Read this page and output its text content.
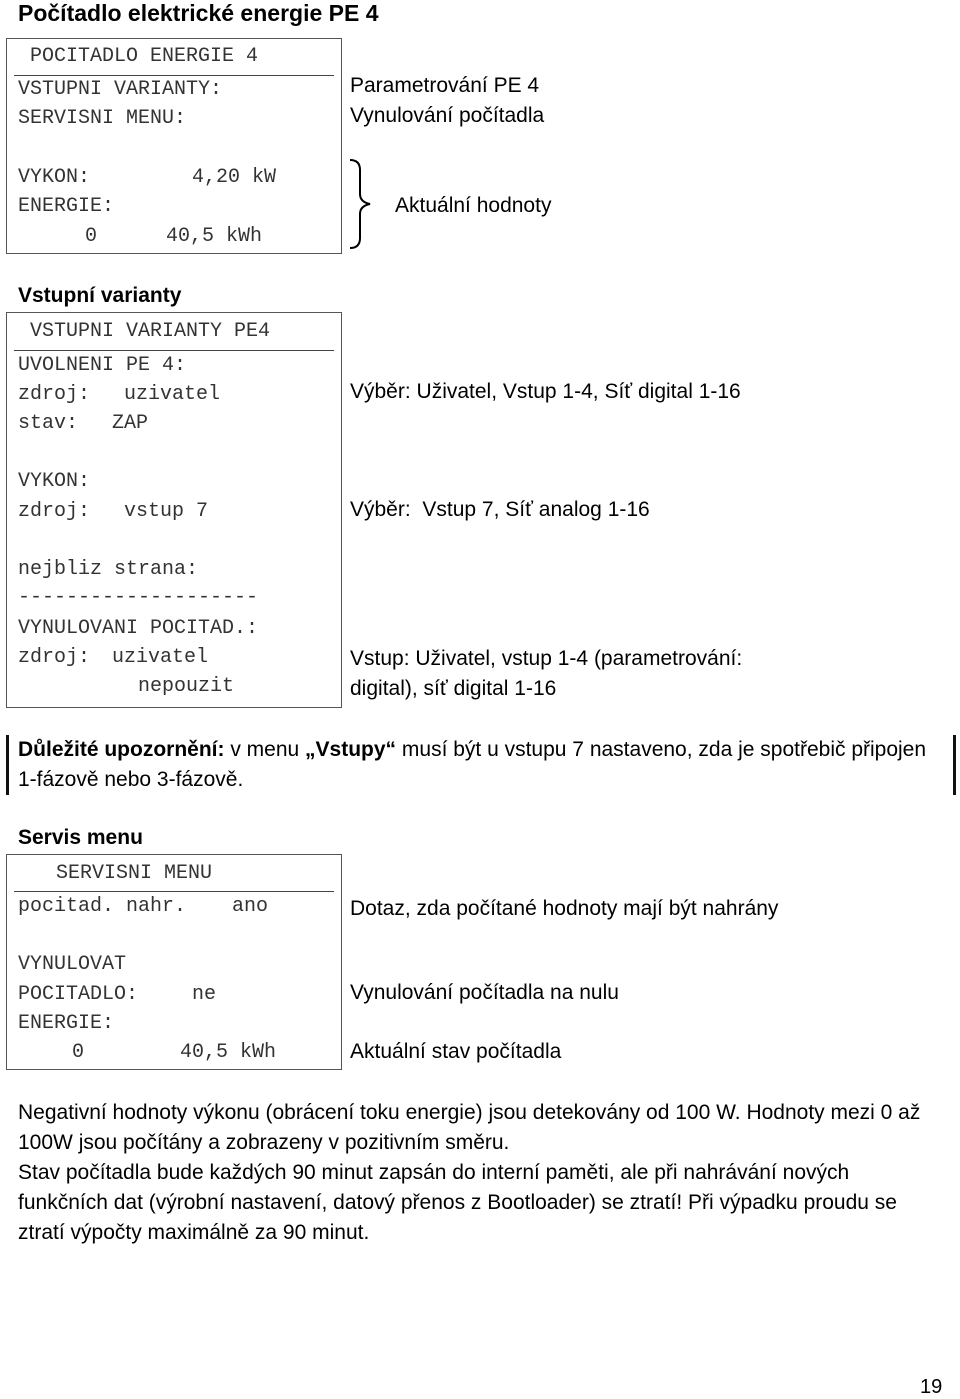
Počítadlo elektrické energie PE 4
POCITADLO ENERGIE 4
VSTUPNI VARIANTY:
SERVISNI MENU:
VYKON:	4,20 kW
ENERGIE:
0	40,5 kWh
Parametrování PE 4
Vynulování počítadla
Aktuální hodnoty
Vstupní varianty
VSTUPNI VARIANTY PE4
UVOLNENI PE 4:
zdroj: uzivatel
stav: ZAP
VYKON:
zdroj: vstup 7
nejbliz strana:
--------------------
VYNULOVANI POCITAD.:
zdroj: uzivatel
nepouzit
Výběr: Uživatel, Vstup 1-4, Síť digital 1-16
Výběr:  Vstup 7, Síť analog 1-16
Vstup: Uživatel, vstup 1-4 (parametrování:
digital), síť digital 1-16
Důležité upozornění: v menu „Vstupy“ musí být u vstupu 7 nastaveno, zda je spotřebič připojen 1-fázově nebo 3-fázově.
Servis menu
SERVISNI MENU
pocitad. nahr. ano
VYNULOVAT
POCITADLO:	ne
ENERGIE:
0	40,5 kWh
Dotaz, zda počítané hodnoty mají být nahrány
Vynulování počítadla na nulu
Aktuální stav počítadla
Negativní hodnoty výkonu (obrácení toku energie) jsou detekovány od 100 W. Hodnoty mezi 0 až 100W jsou počítány a zobrazeny v pozitivním směru.
Stav počítadla bude každých 90 minut zapsán do interní paměti, ale při nahrávání nových funkčních dat (výrobní nastavení, datový přenos z Bootloader) se ztratí! Při výpadku proudu se ztratí výpočty maximálně za 90 minut.
19
